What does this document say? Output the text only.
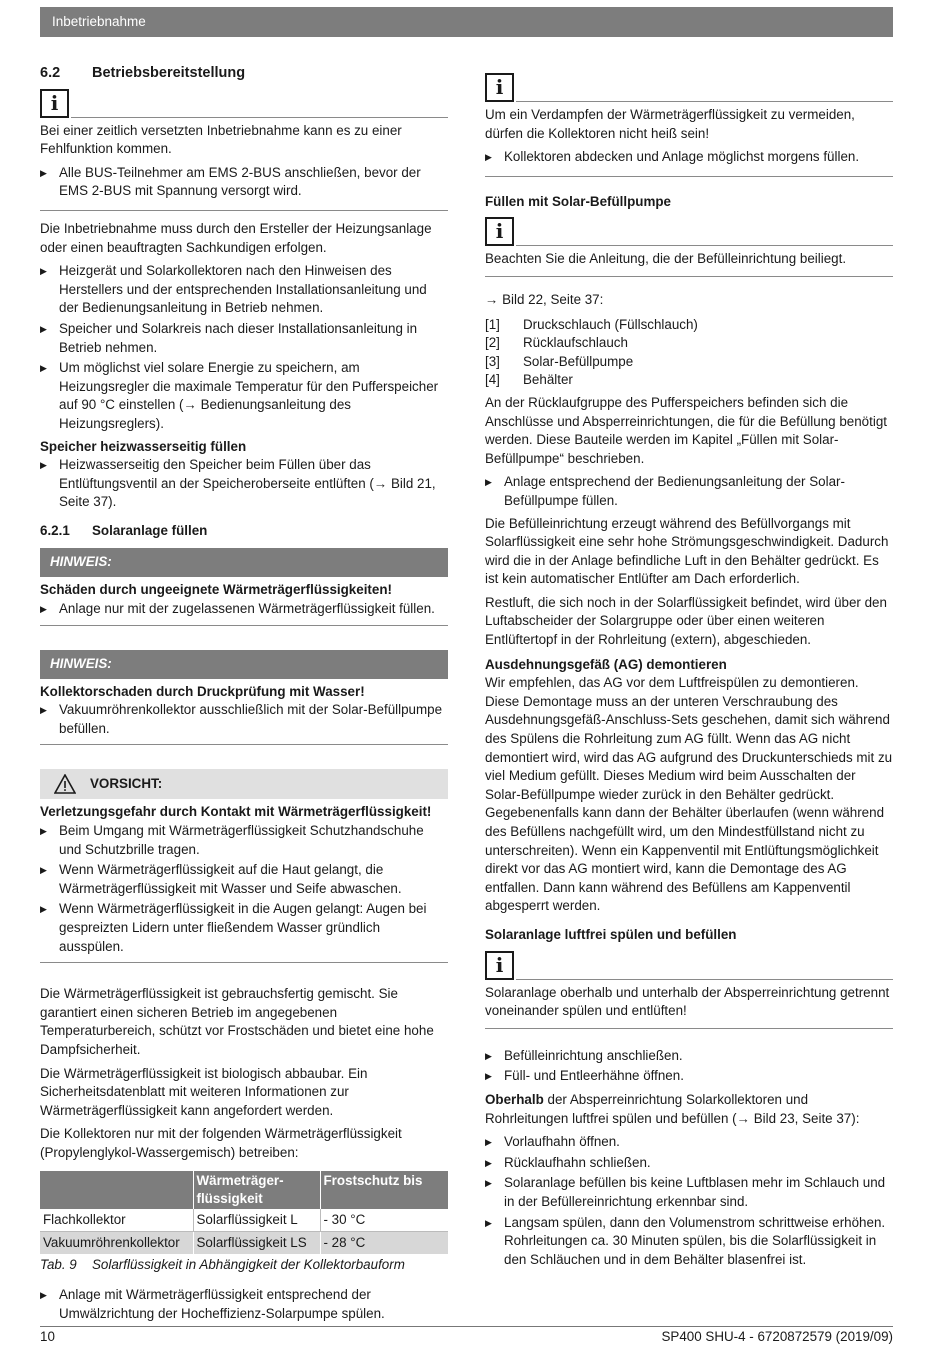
Inbetriebnahme
6.2	Betriebsbereitstellung
i

Bei einer zeitlich versetzten Inbetriebnahme kann es zu einer Fehlfunktion kommen.

▶ Alle BUS-Teilnehmer am EMS 2-BUS anschließen, bevor der EMS 2-BUS mit Spannung versorgt wird.

Die Inbetriebnahme muss durch den Ersteller der Heizungsanlage oder einen beauftragten Sachkundigen erfolgen.

▶ Heizgerät und Solarkollektoren nach den Hinweisen des Herstellers und der entsprechenden Installationsanleitung und der Bedienungsanleitung in Betrieb nehmen.
▶ Speicher und Solarkreis nach dieser Installationsanleitung in Betrieb nehmen.
▶ Um möglichst viel solare Energie zu speichern, am Heizungsregler die maximale Temperatur für den Pufferspeicher auf 90 °C einstellen (→ Bedienungsanleitung des Heizungsreglers).
Speicher heizwasserseitig füllen
▶ Heizwasserseitig den Speicher beim Füllen über das Entlüftungsventil an der Speicheroberseite entlüften (→ Bild 21, Seite 37).
6.2.1	Solaranlage füllen
HINWEIS:
Schäden durch ungeeignete Wärmeträgerflüssigkeiten!
▶ Anlage nur mit der zugelassenen Wärmeträgerflüssigkeit füllen.
HINWEIS:
Kollektorschaden durch Druckprüfung mit Wasser!
▶ Vakuumröhrenkollektor ausschließlich mit der Solar-Befüllpumpe befüllen.
VORSICHT:
Verletzungsgefahr durch Kontakt mit Wärmeträgerflüssigkeit!
▶ Beim Umgang mit Wärmeträgerflüssigkeit Schutzhandschuhe und Schutzbrille tragen.
▶ Wenn Wärmeträgerflüssigkeit auf die Haut gelangt, die Wärmeträgerflüssigkeit mit Wasser und Seife abwaschen.
▶ Wenn Wärmeträgerflüssigkeit in die Augen gelangt: Augen bei gespreizten Lidern unter fließendem Wasser gründlich ausspülen.

Die Wärmeträgerflüssigkeit ist gebrauchsfertig gemischt. Sie garantiert einen sicheren Betrieb im angegebenen Temperaturbereich, schützt vor Frostschäden und bietet eine hohe Dampfsicherheit.

Die Wärmeträgerflüssigkeit ist biologisch abbaubar. Ein Sicherheitsdatenblatt mit weiteren Informationen zur Wärmeträgerflüssigkeit kann angefordert werden.

Die Kollektoren nur mit der folgenden Wärmeträgerflüssigkeit (Propylenglykol-Wassergemisch) betreiben:

	Wärmeträger-flüssigkeit	Frostschutz bis
Flachkollektor	Solarflüssigkeit L	- 30 °C
Vakuumröhrenkollektor	Solarflüssigkeit LS	- 28 °C
Tab. 9	Solarflüssigkeit in Abhängigkeit der Kollektorbauform
▶ Anlage mit Wärmeträgerflüssigkeit entsprechend der Umwälzrichtung der Hocheffizienz-Solarpumpe spülen.
i

Um ein Verdampfen der Wärmeträgerflüssigkeit zu vermeiden, dürfen die Kollektoren nicht heiß sein!

▶ Kollektoren abdecken und Anlage möglichst morgens füllen.
Füllen mit Solar-Befüllpumpe
i

Beachten Sie die Anleitung, die der Befülleinrichtung beiliegt.

→ Bild 22, Seite 37:

[1]	Druckschlauch (Füllschlauch)
[2]	Rücklaufschlauch
[3]	Solar-Befüllpumpe
[4]	Behälter

An der Rücklaufgruppe des Pufferspeichers befinden sich die Anschlüsse und Absperreinrichtungen, die für die Befüllung benötigt werden. Diese Bauteile werden im Kapitel „Füllen mit Solar-Befüllpumpe“ beschrieben.

▶ Anlage entsprechend der Bedienungsanleitung der Solar-Befüllpumpe füllen.

Die Befülleinrichtung erzeugt während des Befüllvorgangs mit Solarflüssigkeit eine sehr hohe Strömungsgeschwindigkeit. Dadurch wird die in der Anlage befindliche Luft in den Behälter gedrückt. Es ist kein automatischer Entlüfter am Dach erforderlich.

Restluft, die sich noch in der Solarflüssigkeit befindet, wird über den Luftabscheider der Solargruppe oder über einen weiteren Entlüftertopf in der Rohrleitung (extern), abgeschieden.

Ausdehnungsgefäß (AG) demontieren

Wir empfehlen, das AG vor dem Luftfreispülen zu demontieren. Diese Demontage muss an der unteren Verschraubung des Ausdehnungsgefäß-Anschluss-Sets geschehen, damit sich während des Spülens die Rohrleitung zum AG füllt. Wenn das AG nicht demontiert wird, wird das AG aufgrund des Druckunterschieds mit zu viel Medium gefüllt. Dieses Medium wird beim Ausschalten der Solar-Befüllpumpe wieder zurück in den Behälter gedrückt. Gegebenenfalls kann dann der Behälter überlaufen (wenn während des Befüllens nachgefüllt wird, um den Mindestfüllstand nicht zu unterschreiten). Wenn ein Kappenventil mit Entlüftungsmöglichkeit direkt vor das AG montiert wird, kann die Demontage des AG entfallen. Dann kann während des Befüllens am Kappenventil abgesperrt werden.

Solaranlage luftfrei spülen und befüllen
i

Solaranlage oberhalb und unterhalb der Absperreinrichtung getrennt voneinander spülen und entlüften!

▶ Befülleinrichtung anschließen.
▶ Füll- und Entleerhähne öffnen.

Oberhalb der Absperreinrichtung Solarkollektoren und Rohrleitungen luftfrei spülen und befüllen (→ Bild 23, Seite 37):

▶ Vorlaufhahn öffnen.
▶ Rücklaufhahn schließen.
▶ Solaranlage befüllen bis keine Luftblasen mehr im Schlauch und in der Befüllereinrichtung erkennbar sind.
▶ Langsam spülen, dann den Volumenstrom schrittweise erhöhen. Rohrleitungen ca. 30 Minuten spülen, bis die Solarflüssigkeit in den Schläuchen und in dem Behälter blasenfrei ist.
10	SP400 SHU-4 - 6720872579 (2019/09)
